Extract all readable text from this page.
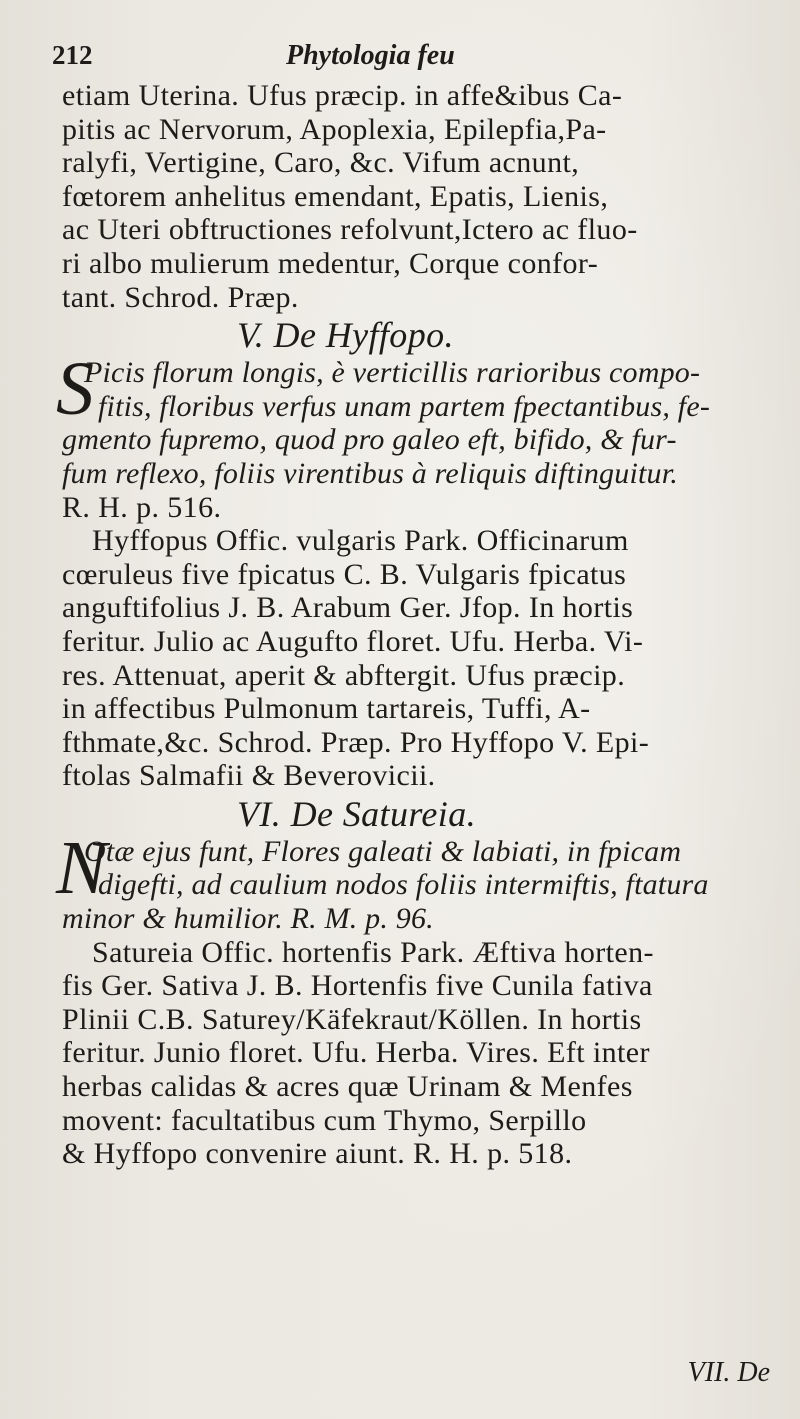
212	Phytologia feu
etiam Uterina. Ufus præcip. in affe&ibus Ca-
pitis ac Nervorum, Apoplexia, Epilepfia,Pa-
ralyfi, Vertigine, Caro, &c. Vifum acnunt,
fœtorem anhelitus emendant, Epatis, Lienis,
ac Uteri obftructiones refolvunt,Ictero ac fluo-
ri albo mulierum medentur, Corque confor-
tant. Schrod. Præp.
V. De Hyffopo.
S
Picis florum longis, è verticillis rarioribus compo-
fitis, floribus verfus unam partem fpectantibus, fe-
gmento fupremo, quod pro galeo eft, bifido, & fur-
fum reflexo, foliis virentibus à reliquis diftinguitur.
R. H. p. 516.
Hyffopus Offic. vulgaris Park. Officinarum
cœruleus five fpicatus C. B. Vulgaris fpicatus
anguftifolius J. B. Arabum Ger. Jfop. In hortis
feritur. Julio ac Augufto floret. Ufu. Herba. Vi-
res. Attenuat, aperit & abftergit. Ufus præcip.
in affectibus Pulmonum tartareis, Tuffi, A-
fthmate,&c. Schrod. Præp. Pro Hyffopo V. Epi-
ftolas Salmafii & Beverovicii.
VI. De Satureia.
N
Otæ ejus funt, Flores galeati & labiati, in fpicam
digefti, ad caulium nodos foliis intermiftis, ftatura
minor & humilior. R. M. p. 96.
Satureia Offic. hortenfis Park. Æftiva horten-
fis Ger. Sativa J. B. Hortenfis five Cunila fativa
Plinii C.B. Saturey/Käfekraut/Köllen. In hortis
feritur. Junio floret. Ufu. Herba. Vires. Eft inter
herbas calidas & acres quæ Urinam & Menfes
movent: facultatibus cum Thymo, Serpillo
& Hyffopo convenire aiunt. R. H. p. 518.
VII. De
